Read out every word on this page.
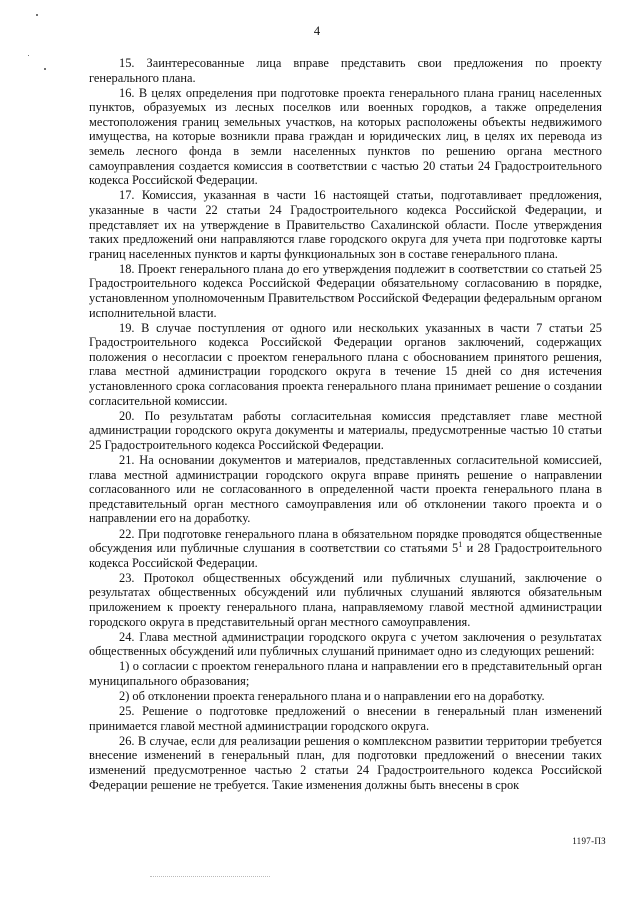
4

15. Заинтересованные лица вправе представить свои предложения по проекту генерального плана.

16. В целях определения при подготовке проекта генерального плана границ населенных пунктов, образуемых из лесных поселков или военных городков, а также определения местоположения границ земельных участков, на которых расположены объекты недвижимого имущества, на которые возникли права граждан и юридических лиц, в целях их перевода из земель лесного фонда в земли населенных пунктов по решению органа местного самоуправления создается комиссия в соответствии с частью 20 статьи 24 Градостроительного кодекса Российской Федерации.

17. Комиссия, указанная в части 16 настоящей статьи, подготавливает предложения, указанные в части 22 статьи 24 Градостроительного кодекса Российской Федерации, и представляет их на утверждение в Правительство Сахалинской области. После утверждения таких предложений они направляются главе городского округа для учета при подготовке карты границ населенных пунктов и карты функциональных зон в составе генерального плана.

18. Проект генерального плана до его утверждения подлежит в соответствии со статьей 25 Градостроительного кодекса Российской Федерации обязательному согласованию в порядке, установленном уполномоченным Правительством Российской Федерации федеральным органом исполнительной власти.

19. В случае поступления от одного или нескольких указанных в части 7 статьи 25 Градостроительного кодекса Российской Федерации органов заключений, содержащих положения о несогласии с проектом генерального плана с обоснованием принятого решения, глава местной администрации городского округа в течение 15 дней со дня истечения установленного срока согласования проекта генерального плана принимает решение о создании согласительной комиссии.

20. По результатам работы согласительная комиссия представляет главе местной администрации городского округа документы и материалы, предусмотренные частью 10 статьи 25 Градостроительного кодекса Российской Федерации.

21. На основании документов и материалов, представленных согласительной комиссией, глава местной администрации городского округа вправе принять решение о направлении согласованного или не согласованного в определенной части проекта генерального плана в представительный орган местного самоуправления или об отклонении такого проекта и о направлении его на доработку.

22. При подготовке генерального плана в обязательном порядке проводятся общественные обсуждения или публичные слушания в соответствии со статьями $5^1$ и 28 Градостроительного кодекса Российской Федерации.

23. Протокол общественных обсуждений или публичных слушаний, заключение о результатах общественных обсуждений или публичных слушаний являются обязательным приложением к проекту генерального плана, направляемому главой местной администрации городского округа в представительный орган местного самоуправления.

24. Глава местной администрации городского округа с учетом заключения о результатах общественных обсуждений или публичных слушаний принимает одно из следующих решений:

1) о согласии с проектом генерального плана и направлении его в представительный орган муниципального образования;

2) об отклонении проекта генерального плана и о направлении его на доработку.

25. Решение о подготовке предложений о внесении в генеральный план изменений принимается главой местной администрации городского округа.

26. В случае, если для реализации решения о комплексном развитии территории требуется внесение изменений в генеральный план, для подготовки предложений о внесении таких изменений предусмотренное частью 2 статьи 24 Градостроительного кодекса Российской Федерации решение не требуется. Такие изменения должны быть внесены в срок

1197-ПЗ
